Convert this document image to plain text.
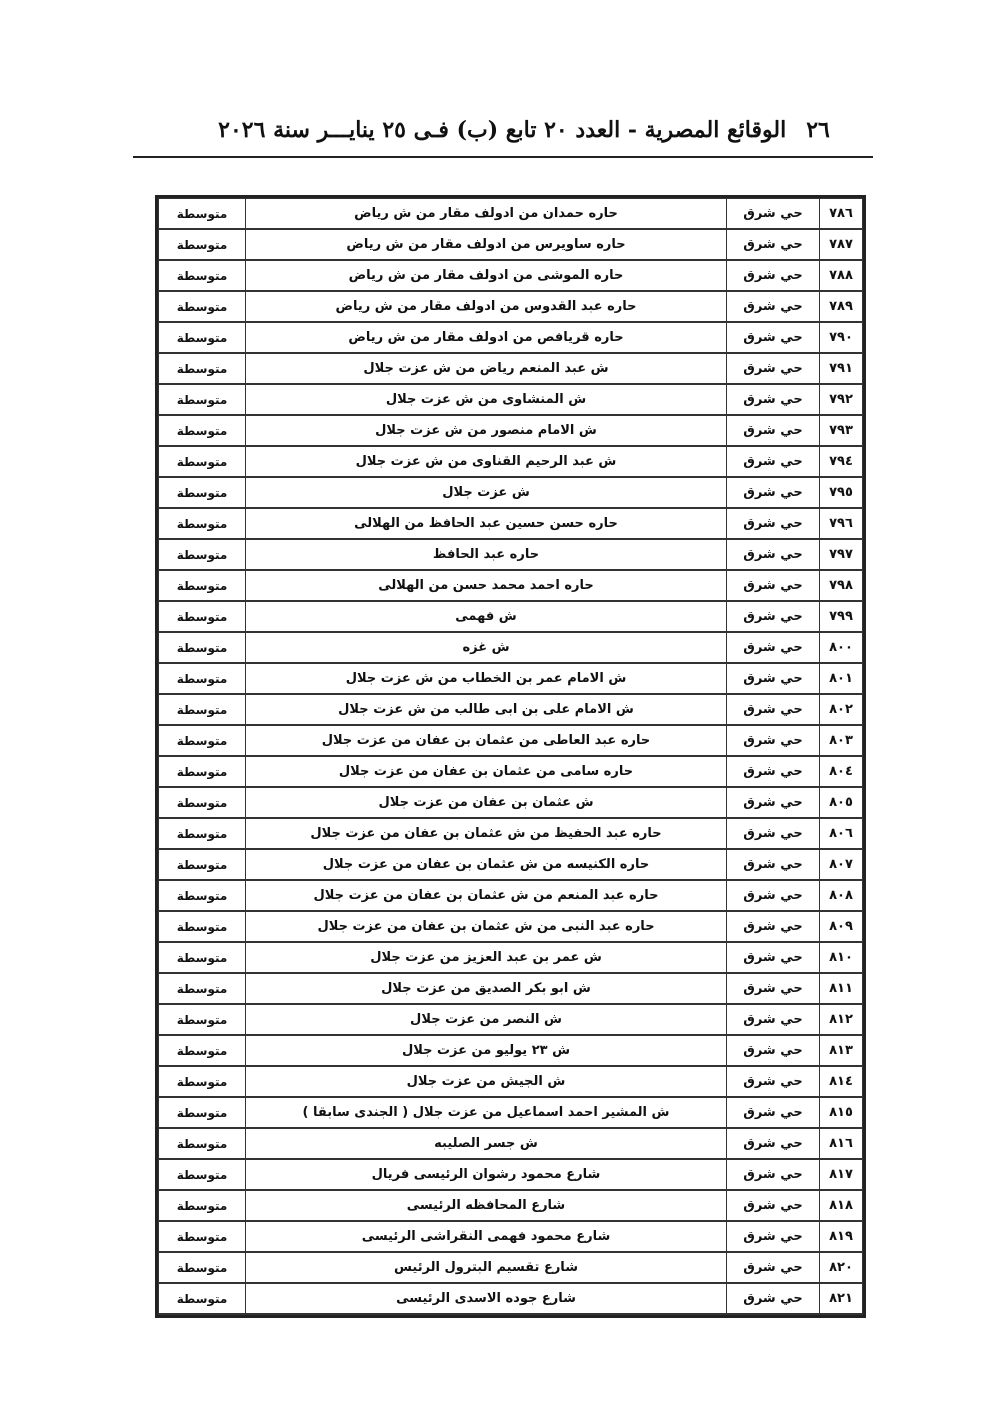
٢٦
الوقائع المصرية - العدد ٢٠ تابع (ب) فـى ٢٥ ينايـــر سنة ٢٠٢٦
٧٨٦	حي شرق	حاره حمدان من ادولف مقار من ش رياض	متوسطة
٧٨٧	حي شرق	حاره ساويرس من ادولف مقار من ش رياض	متوسطة
٧٨٨	حي شرق	حاره الموشى من ادولف مقار من ش رياض	متوسطة
٧٨٩	حي شرق	حاره عبد القدوس من ادولف مقار من ش رياض	متوسطة
٧٩٠	حي شرق	حاره قريافص من ادولف مقار من ش رياض	متوسطة
٧٩١	حي شرق	ش عبد المنعم رياض من ش عزت جلال	متوسطة
٧٩٢	حي شرق	ش المنشاوى من ش عزت جلال	متوسطة
٧٩٣	حي شرق	ش الامام منصور من ش عزت جلال	متوسطة
٧٩٤	حي شرق	ش عبد الرحيم القناوى من ش عزت جلال	متوسطة
٧٩٥	حي شرق	ش عزت جلال	متوسطة
٧٩٦	حي شرق	حاره حسن حسين عبد الحافظ من الهلالى	متوسطة
٧٩٧	حي شرق	حاره عبد الحافظ	متوسطة
٧٩٨	حي شرق	حاره احمد محمد حسن من الهلالى	متوسطة
٧٩٩	حي شرق	ش فهمى	متوسطة
٨٠٠	حي شرق	ش غزه	متوسطة
٨٠١	حي شرق	ش الامام عمر بن الخطاب من ش عزت جلال	متوسطة
٨٠٢	حي شرق	ش الامام على بن ابى طالب من ش عزت جلال	متوسطة
٨٠٣	حي شرق	حاره عبد العاطى من عثمان بن عفان من عزت جلال	متوسطة
٨٠٤	حي شرق	حاره سامى من عثمان بن عفان من عزت جلال	متوسطة
٨٠٥	حي شرق	ش عثمان بن عفان من عزت جلال	متوسطة
٨٠٦	حي شرق	حاره عبد الحفيظ من ش عثمان بن عفان من عزت جلال	متوسطة
٨٠٧	حي شرق	حاره الكنيسه من ش عثمان بن عفان من عزت جلال	متوسطة
٨٠٨	حي شرق	حاره عبد المنعم من ش عثمان بن عفان من عزت جلال	متوسطة
٨٠٩	حي شرق	حاره عبد النبى من ش عثمان بن عفان من عزت جلال	متوسطة
٨١٠	حي شرق	ش عمر بن عبد العزيز من عزت جلال	متوسطة
٨١١	حي شرق	ش ابو بكر الصديق من عزت جلال	متوسطة
٨١٢	حي شرق	ش النصر من عزت جلال	متوسطة
٨١٣	حي شرق	ش ٢٣ يوليو من عزت جلال	متوسطة
٨١٤	حي شرق	ش الجيش من عزت جلال	متوسطة
٨١٥	حي شرق	ش المشير احمد اسماعيل من عزت جلال ( الجندى سابقا )	متوسطة
٨١٦	حي شرق	ش جسر الصليبه	متوسطة
٨١٧	حي شرق	شارع محمود رشوان الرئيسى فريال	متوسطة
٨١٨	حي شرق	شارع المحافظه الرئيسى	متوسطة
٨١٩	حي شرق	شارع محمود فهمى النقراشى الرئيسى	متوسطة
٨٢٠	حي شرق	شارع تقسيم البترول الرئيس	متوسطة
٨٢١	حي شرق	شارع جوده الاسدى الرئيسى	متوسطة
